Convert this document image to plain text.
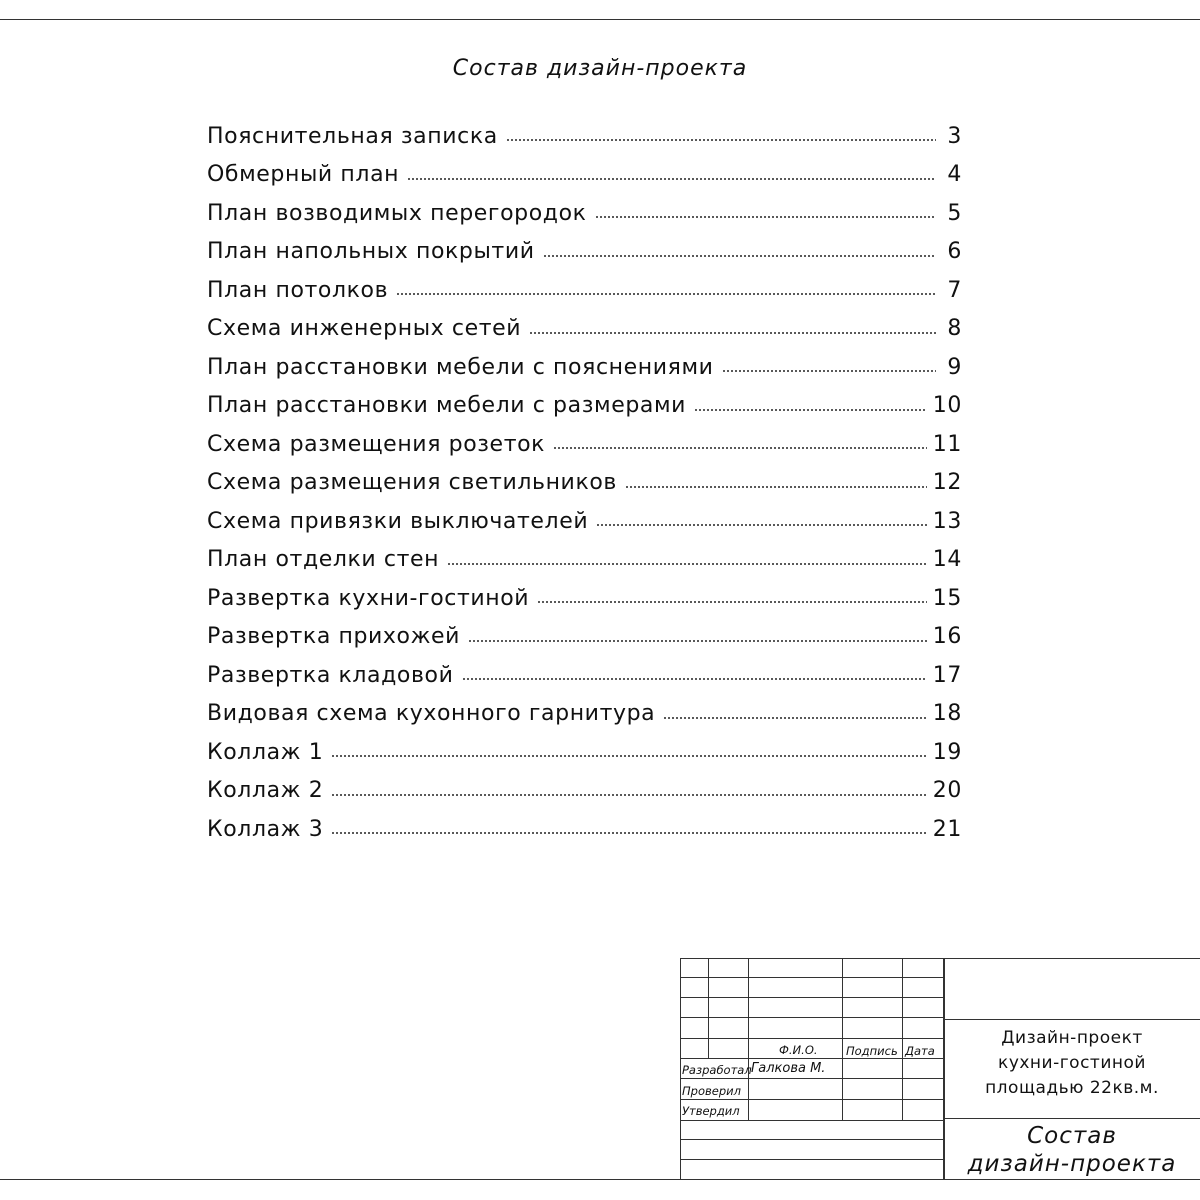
Состав дизайн-проекта
Пояснительная записка	3
Обмерный план	4
План возводимых перегородок	5
План напольных покрытий	6
План потолков	7
Схема инженерных сетей	8
План расстановки мебели с пояснениями	9
План расстановки мебели с размерами	10
Схема размещения розеток	11
Схема размещения светильников	12
Схема привязки выключателей	13
План отделки стен	14
Развертка кухни-гостиной	15
Развертка прихожей	16
Развертка кладовой	17
Видовая схема кухонного гарнитура	18
Коллаж 1	19
Коллаж 2	20
Коллаж 3	21
Ф.И.О. Подпись Дата
Разработал Галкова М.
Проверил
Утвердил
Дизайн-проект
кухни-гостиной
площадью 22кв.м.
Состав
дизайн-проекта
